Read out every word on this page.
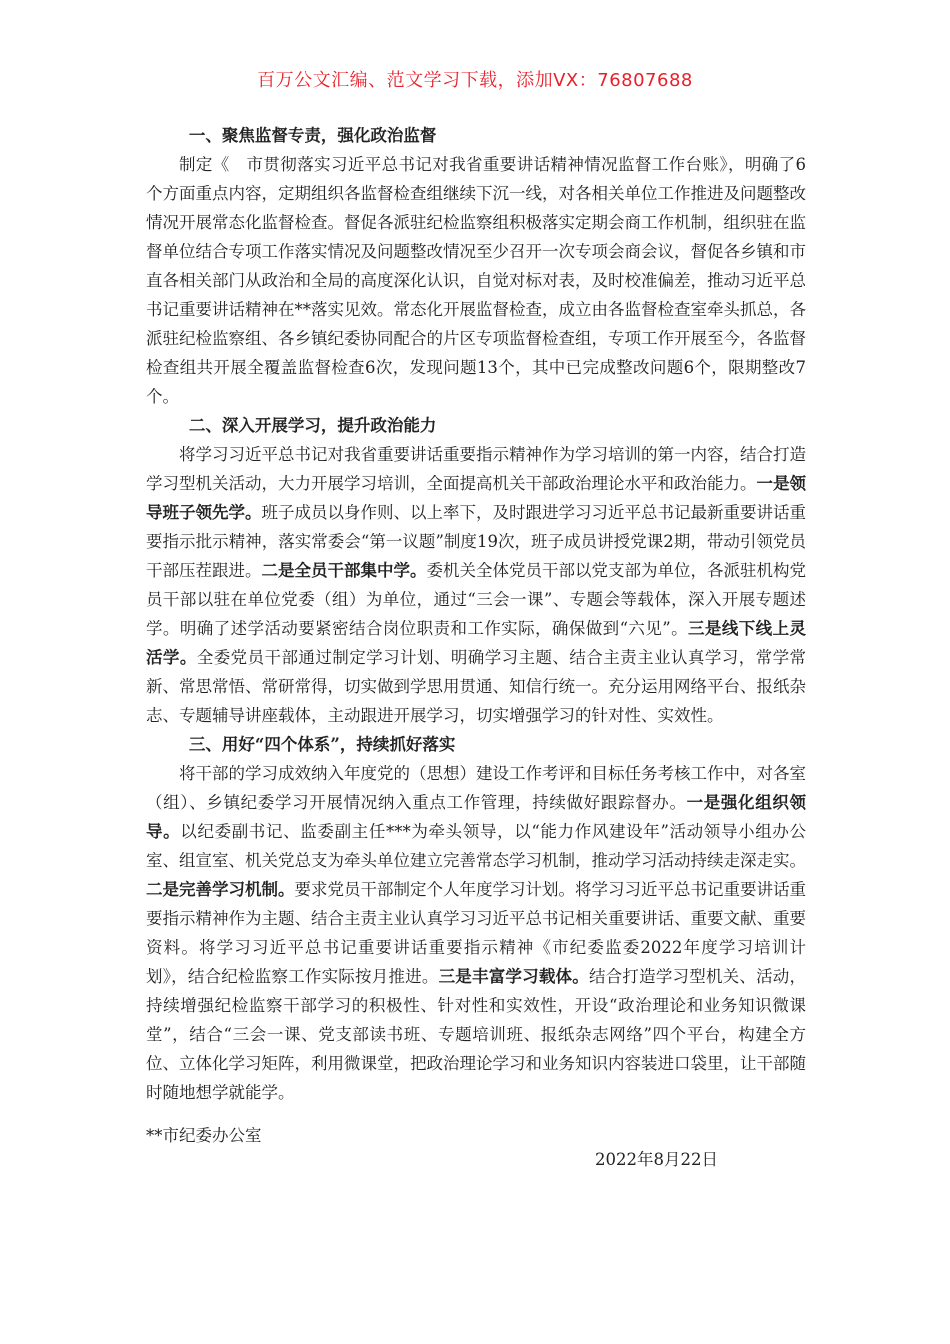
百万公文汇编、范文学习下载，添加VX：76807688

一、聚焦监督专责，强化政治监督

制定《　市贯彻落实习近平总书记对我省重要讲话精神情况监督工作台账》，明确了6个方面重点内容，定期组织各监督检查组继续下沉一线，对各相关单位工作推进及问题整改情况开展常态化监督检查。督促各派驻纪检监察组积极落实定期会商工作机制，组织驻在监督单位结合专项工作落实情况及问题整改情况至少召开一次专项会商会议，督促各乡镇和市直各相关部门从政治和全局的高度深化认识，自觉对标对表，及时校准偏差，推动习近平总书记重要讲话精神在**落实见效。常态化开展监督检查，成立由各监督检查室牵头抓总，各派驻纪检监察组、各乡镇纪委协同配合的片区专项监督检查组，专项工作开展至今，各监督检查组共开展全覆盖监督检查6次，发现问题13个，其中已完成整改问题6个，限期整改7个。

二、深入开展学习，提升政治能力

将学习习近平总书记对我省重要讲话重要指示精神作为学习培训的第一内容，结合打造学习型机关活动，大力开展学习培训，全面提高机关干部政治理论水平和政治能力。一是领导班子领先学。班子成员以身作则、以上率下，及时跟进学习习近平总书记最新重要讲话重要指示批示精神，落实常委会“第一议题”制度19次，班子成员讲授党课2期，带动引领党员干部压茬跟进。二是全员干部集中学。委机关全体党员干部以党支部为单位，各派驻机构党员干部以驻在单位党委（组）为单位，通过“三会一课”、专题会等载体，深入开展专题述学。明确了述学活动要紧密结合岗位职责和工作实际，确保做到“六见”。三是线下线上灵活学。全委党员干部通过制定学习计划、明确学习主题、结合主责主业认真学习，常学常新、常思常悟、常研常得，切实做到学思用贯通、知信行统一。充分运用网络平台、报纸杂志、专题辅导讲座载体，主动跟进开展学习，切实增强学习的针对性、实效性。

三、用好“四个体系”，持续抓好落实

将干部的学习成效纳入年度党的（思想）建设工作考评和目标任务考核工作中，对各室（组）、乡镇纪委学习开展情况纳入重点工作管理，持续做好跟踪督办。一是强化组织领导。以纪委副书记、监委副主任***为牵头领导，以“能力作风建设年”活动领导小组办公室、组宣室、机关党总支为牵头单位建立完善常态学习机制，推动学习活动持续走深走实。二是完善学习机制。要求党员干部制定个人年度学习计划。将学习习近平总书记重要讲话重要指示精神作为主题、结合主责主业认真学习习近平总书记相关重要讲话、重要文献、重要资料。将学习习近平总书记重要讲话重要指示精神《市纪委监委2022年度学习培训计划》，结合纪检监察工作实际按月推进。三是丰富学习载体。结合打造学习型机关、活动，持续增强纪检监察干部学习的积极性、针对性和实效性，开设“政治理论和业务知识微课堂”，结合“三会一课、党支部读书班、专题培训班、报纸杂志网络”四个平台，构建全方位、立体化学习矩阵，利用微课堂，把政治理论学习和业务知识内容装进口袋里，让干部随时随地想学就能学。

**市纪委办公室
2022年8月22日
